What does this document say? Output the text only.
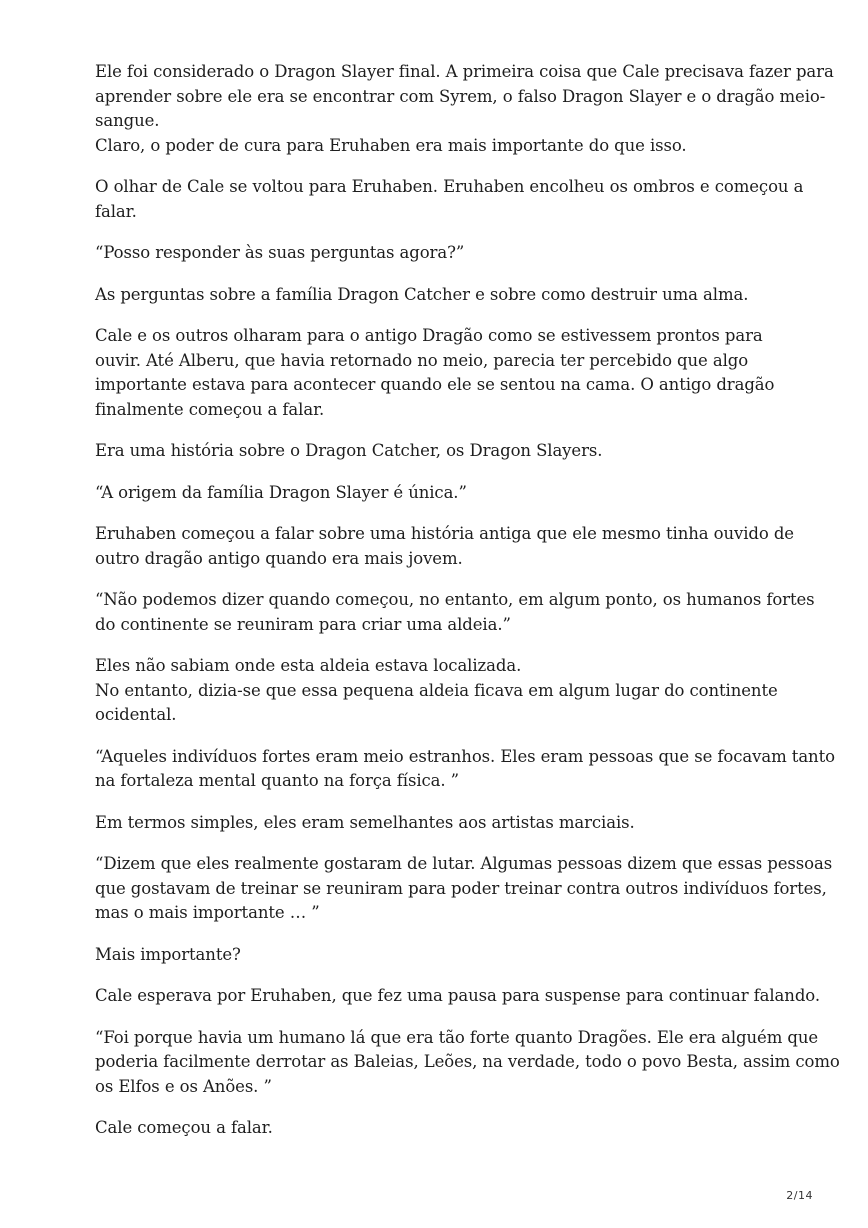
Ele foi considerado o Dragon Slayer final. A primeira coisa que Cale precisava fazer para
aprender sobre ele era se encontrar com Syrem, o falso Dragon Slayer e o dragão meio-
sangue.
Claro, o poder de cura para Eruhaben era mais importante do que isso.

O olhar de Cale se voltou para Eruhaben. Eruhaben encolheu os ombros e começou a
falar.

“Posso responder às suas perguntas agora?”

As perguntas sobre a família Dragon Catcher e sobre como destruir uma alma.

Cale e os outros olharam para o antigo Dragão como se estivessem prontos para
ouvir. Até Alberu, que havia retornado no meio, parecia ter percebido que algo
importante estava para acontecer quando ele se sentou na cama. O antigo dragão
finalmente começou a falar.

Era uma história sobre o Dragon Catcher, os Dragon Slayers.

“A origem da família Dragon Slayer é única.”

Eruhaben começou a falar sobre uma história antiga que ele mesmo tinha ouvido de
outro dragão antigo quando era mais jovem.

“Não podemos dizer quando começou, no entanto, em algum ponto, os humanos fortes
do continente se reuniram para criar uma aldeia.”

Eles não sabiam onde esta aldeia estava localizada.
No entanto, dizia-se que essa pequena aldeia ficava em algum lugar do continente
ocidental.

“Aqueles indivíduos fortes eram meio estranhos. Eles eram pessoas que se focavam tanto
na fortaleza mental quanto na força física. ”

Em termos simples, eles eram semelhantes aos artistas marciais.

“Dizem que eles realmente gostaram de lutar. Algumas pessoas dizem que essas pessoas
que gostavam de treinar se reuniram para poder treinar contra outros indivíduos fortes,
mas o mais importante … ”

Mais importante?

Cale esperava por Eruhaben, que fez uma pausa para suspense para continuar falando.

“Foi porque havia um humano lá que era tão forte quanto Dragões. Ele era alguém que
poderia facilmente derrotar as Baleias, Leões, na verdade, todo o povo Besta, assim como
os Elfos e os Anões. ”

Cale começou a falar.

2/14
